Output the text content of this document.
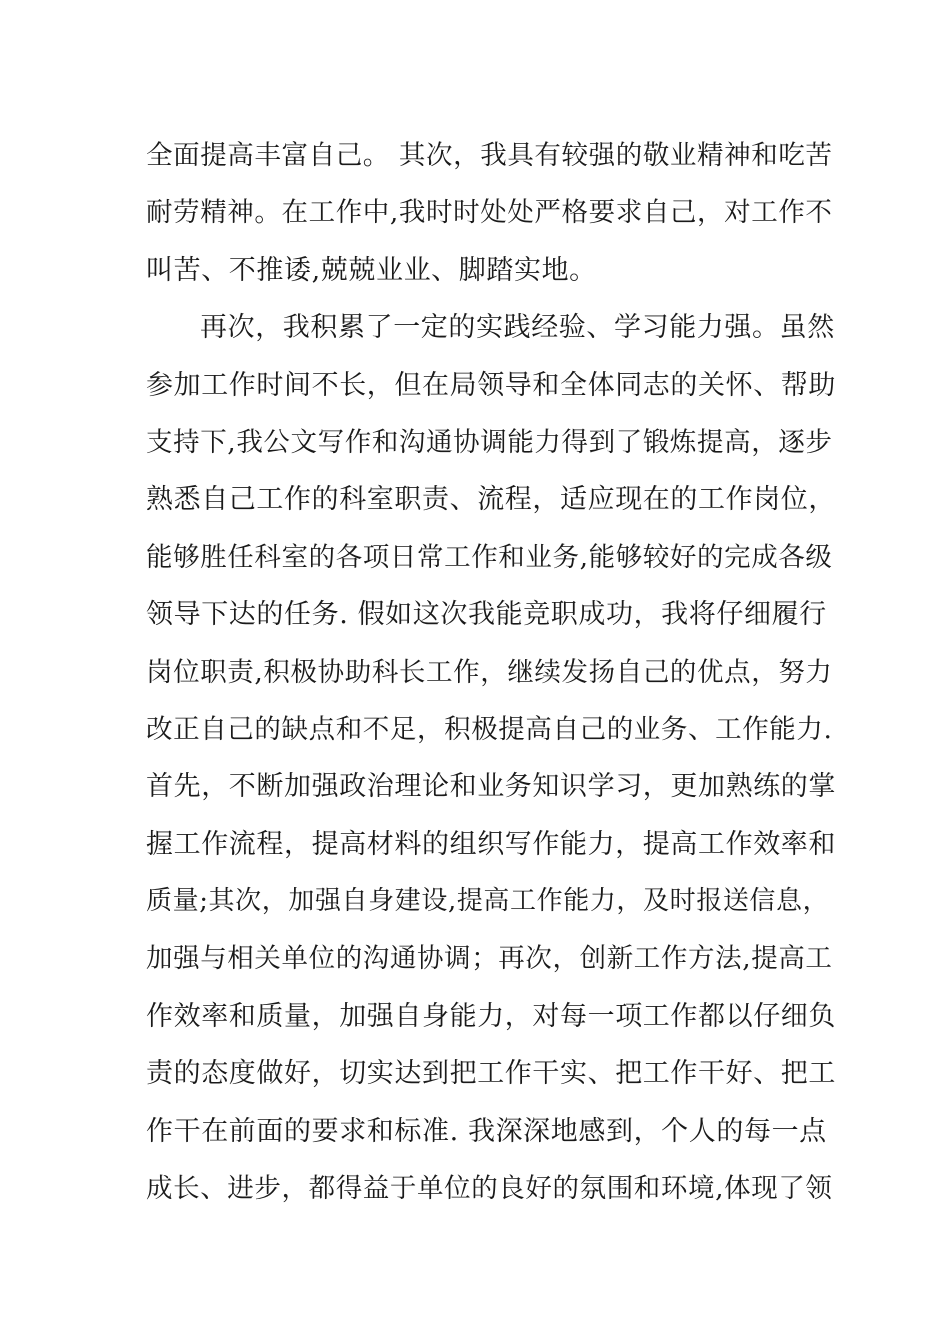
全面提高丰富自己。 其次，我具有较强的敬业精神和吃苦
耐劳精神。在工作中,我时时处处严格要求自己，对工作不
叫苦、不推诿,兢兢业业、脚踏实地。
再次，我积累了一定的实践经验、学习能力强。虽然
参加工作时间不长，但在局领导和全体同志的关怀、帮助
支持下,我公文写作和沟通协调能力得到了锻炼提高，逐步
熟悉自己工作的科室职责、流程，适应现在的工作岗位，
能够胜任科室的各项日常工作和业务,能够较好的完成各级
领导下达的任务. 假如这次我能竞职成功，我将仔细履行
岗位职责,积极协助科长工作，继续发扬自己的优点，努力
改正自己的缺点和不足，积极提高自己的业务、工作能力.
首先，不断加强政治理论和业务知识学习，更加熟练的掌
握工作流程，提高材料的组织写作能力，提高工作效率和
质量;其次，加强自身建设,提高工作能力，及时报送信息，
加强与相关单位的沟通协调；再次，创新工作方法,提高工
作效率和质量，加强自身能力，对每一项工作都以仔细负
责的态度做好，切实达到把工作干实、把工作干好、把工
作干在前面的要求和标准. 我深深地感到，个人的每一点
成长、进步，都得益于单位的良好的氛围和环境,体现了领
